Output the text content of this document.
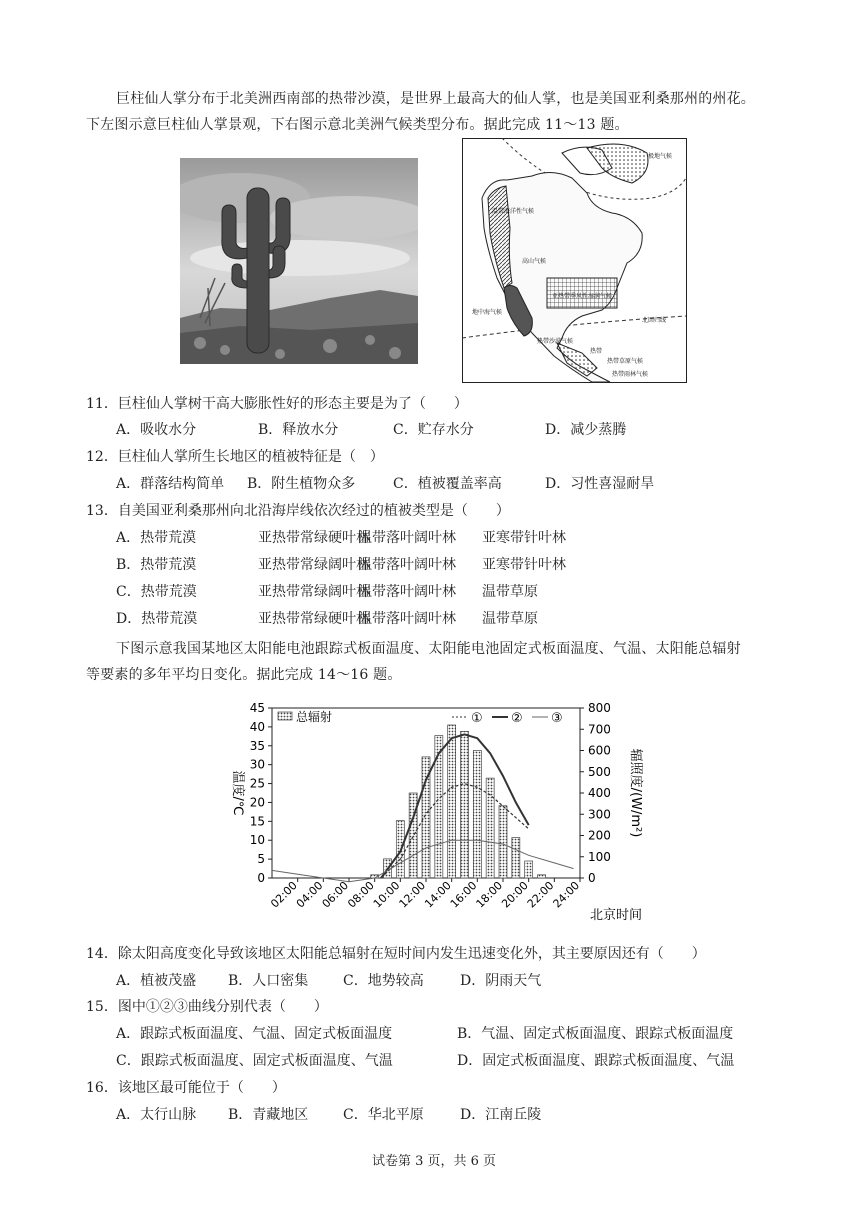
巨柱仙人掌分布于北美洲西南部的热带沙漠，是世界上最高大的仙人掌，也是美国亚利桑那州的州花。
下左图示意巨柱仙人掌景观，下右图示意北美洲气候类型分布。据此完成 11～13 题。
极地气候
温带海洋性气候
地中海气候
亚热带季风性湿润气候
北回归线
热带
热带草原气候
热带雨林气候
高山气候
热带沙漠气候
11．巨柱仙人掌树干高大膨胀性好的形态主要是为了（　　）
A．吸收水分	B．释放水分	C．贮存水分	D．减少蒸腾
12．巨柱仙人掌所生长地区的植被特征是（　）
A．群落结构简单 B．附生植物众多	C．植被覆盖率高	D．习性喜湿耐旱
13．自美国亚利桑那州向北沿海岸线依次经过的植被类型是（　　）
A．热带荒漠	亚热带常绿硬叶林
温带落叶阔叶林 亚寒带针叶林
B．热带荒漠	亚热带常绿阔叶林
温带落叶阔叶林 亚寒带针叶林
C．热带荒漠	亚热带常绿阔叶林
温带落叶阔叶林 温带草原
D．热带荒漠	亚热带常绿硬叶林
温带落叶阔叶林 温带草原
下图示意我国某地区太阳能电池跟踪式板面温度、太阳能电池固定式板面温度、气温、太阳能总辐射
等要素的多年平均日变化。据此完成 14～16 题。
0
5
10
15
20
25
30
35
40
45
0
100
200
300
400
500
600
700
800
02:00
04:00
06:00
08:00
10:00
12:00
14:00
16:00
18:00
20:00
22:00
24:00
温度/℃	辐照度/(W/m²)
北京时间
总辐射	① ② ③
14．除太阳高度变化导致该地区太阳能总辐射在短时间内发生迅速变化外，其主要原因还有（　　）
A．植被茂盛 B．人口密集 C．地势较高	D．阴雨天气
15．图中①②③曲线分别代表（　　）
A．跟踪式板面温度、气温、固定式板面温度	B．气温、固定式板面温度、跟踪式板面温度
C．跟踪式板面温度、固定式板面温度、气温	D．固定式板面温度、跟踪式板面温度、气温
16．该地区最可能位于（　　）
A．太行山脉 B．青藏地区 C．华北平原	D．江南丘陵
试卷第 3 页，共 6 页
